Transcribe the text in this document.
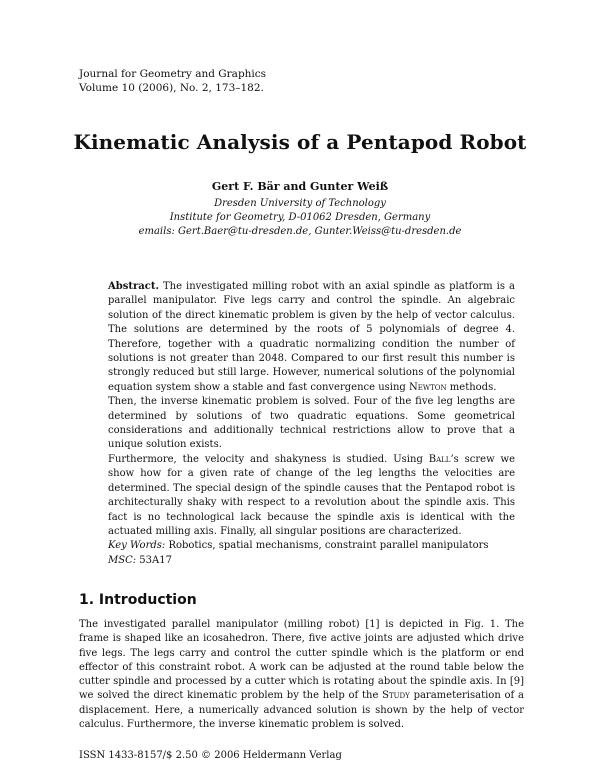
Journal for Geometry and Graphics
Volume 10 (2006), No. 2, 173–182.
Kinematic Analysis of a Pentapod Robot
Gert F. Bär and Gunter Weiß
Dresden University of Technology
Institute for Geometry, D-01062 Dresden, Germany
emails: Gert.Baer@tu-dresden.de, Gunter.Weiss@tu-dresden.de

Abstract. The investigated milling robot with an axial spindle as platform is a parallel manipulator. Five legs carry and control the spindle. An algebraic solution of the direct kinematic problem is given by the help of vector calculus. The solutions are determined by the roots of 5 polynomials of degree 4. Therefore, together with a quadratic normalizing condition the number of solutions is not greater than 2048. Compared to our first result this number is strongly reduced but still large. However, numerical solutions of the polynomial equation system show a stable and fast convergence using Newton methods.

Then, the inverse kinematic problem is solved. Four of the five leg lengths are determined by solutions of two quadratic equations. Some geometrical considerations and additionally technical restrictions allow to prove that a unique solution exists.

Furthermore, the velocity and shakyness is studied. Using Ball’s screw we show how for a given rate of change of the leg lengths the velocities are determined. The special design of the spindle causes that the Pentapod robot is architecturally shaky with respect to a revolution about the spindle axis. This fact is no technological lack because the spindle axis is identical with the actuated milling axis. Finally, all singular positions are characterized.

Key Words: Robotics, spatial mechanisms, constraint parallel manipulators

MSC: 53A17

1. Introduction

The investigated parallel manipulator (milling robot) [1] is depicted in Fig. 1. The frame is shaped like an icosahedron. There, five active joints are adjusted which drive five legs. The legs carry and control the cutter spindle which is the platform or end effector of this constraint robot. A work can be adjusted at the round table below the cutter spindle and processed by a cutter which is rotating about the spindle axis. In [9] we solved the direct kinematic problem by the help of the Study parameterisation of a displacement. Here, a numerically advanced solution is shown by the help of vector calculus. Furthermore, the inverse kinematic problem is solved.

ISSN 1433-8157/$ 2.50 © 2006 Heldermann Verlag
